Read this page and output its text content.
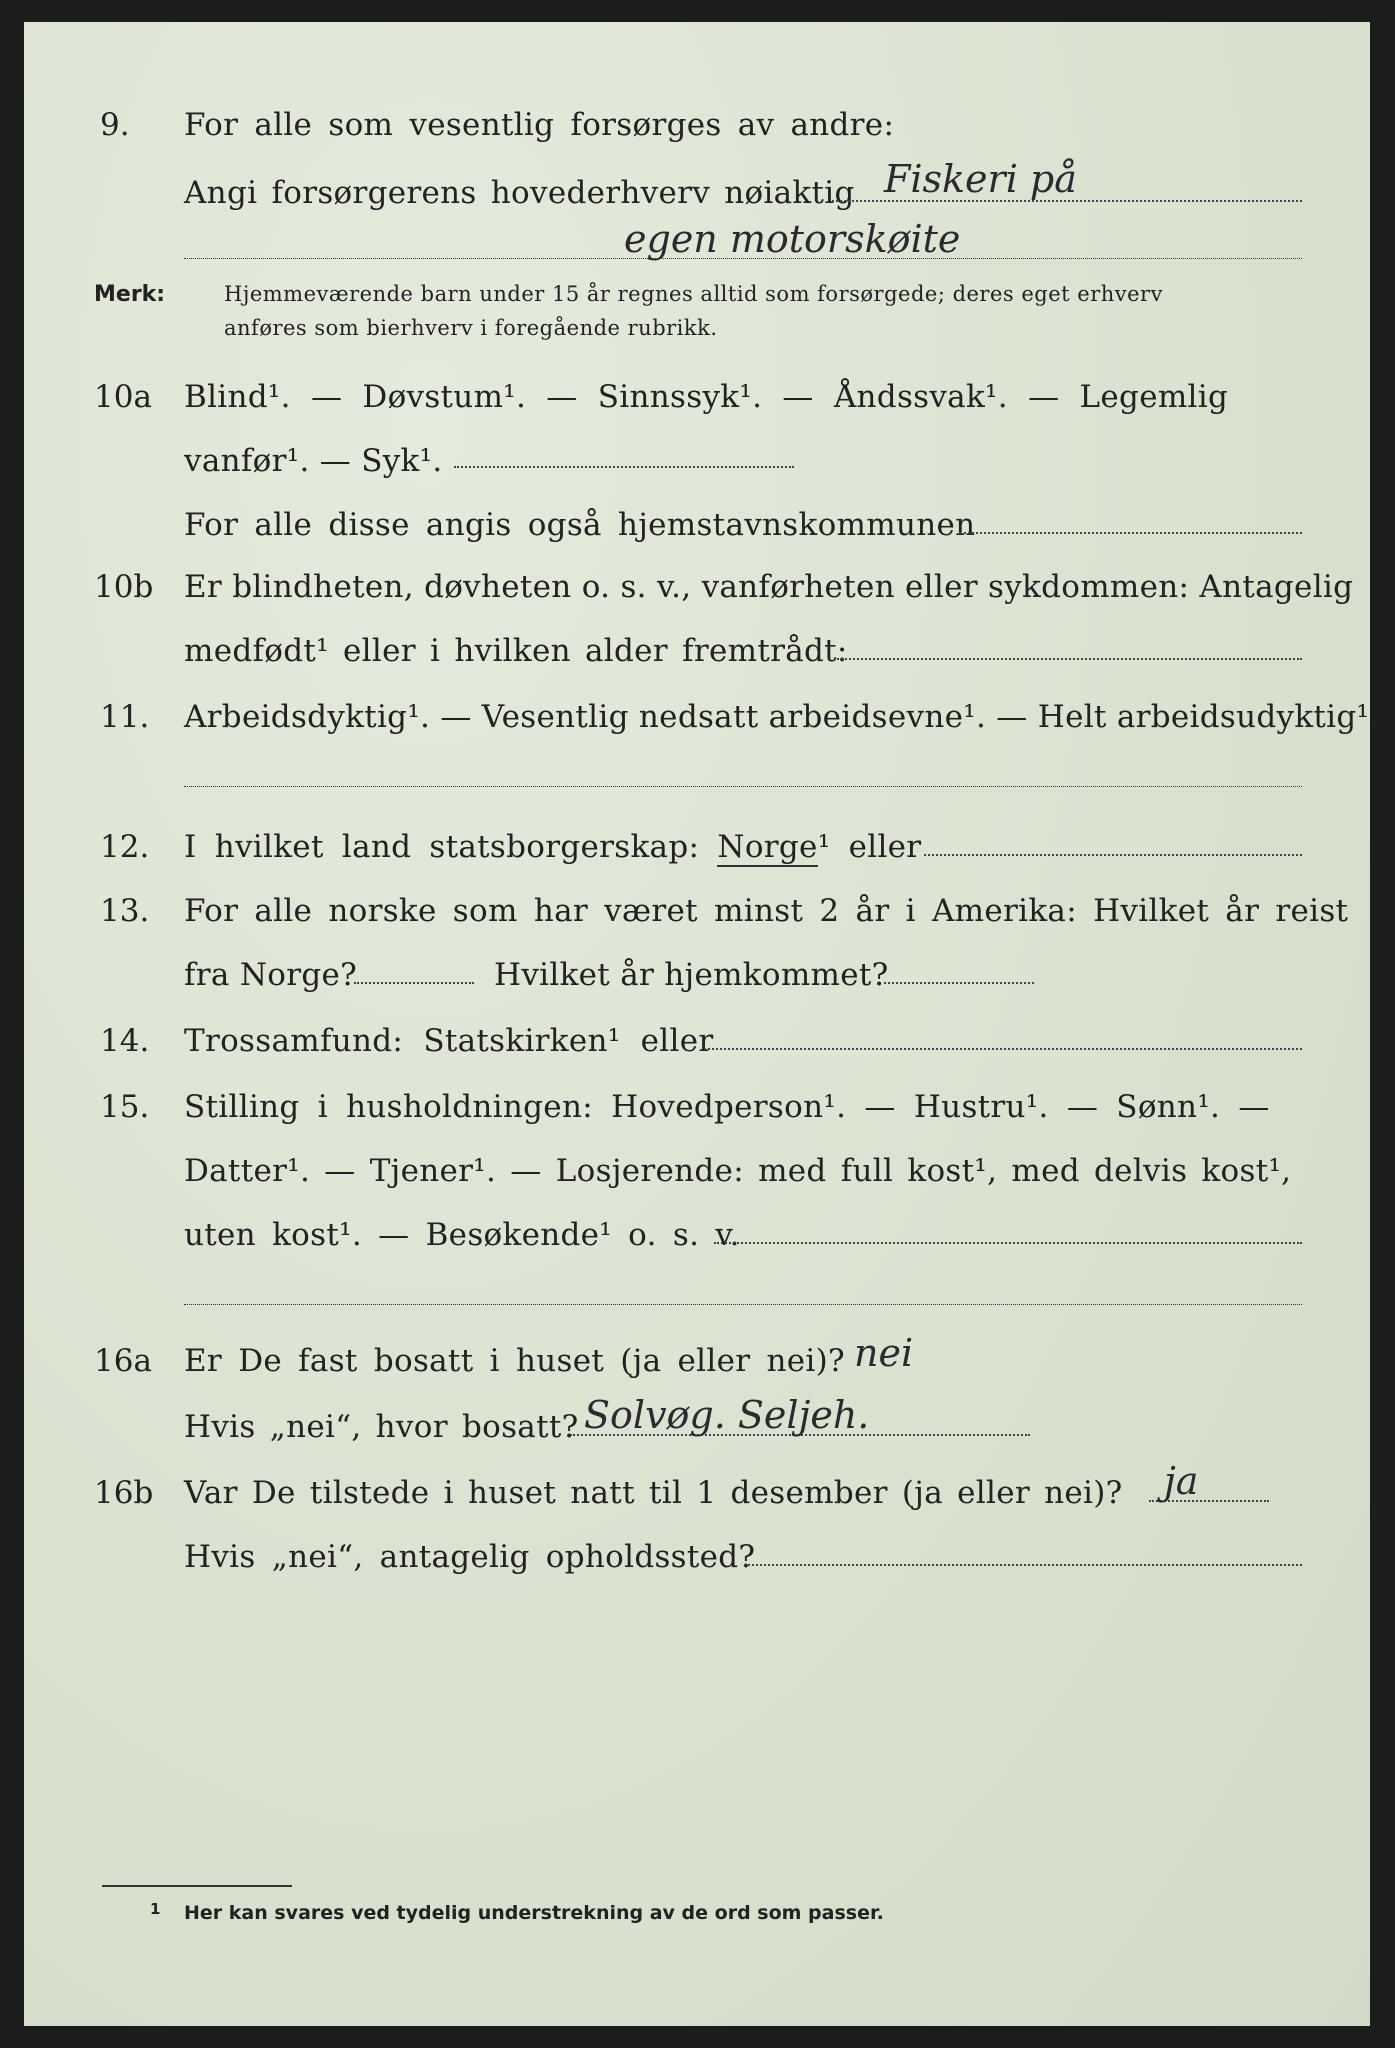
9. For alle som vesentlig forsørges av andre:
Angi forsørgerens hovederhverv nøiaktig Fiskeri på
egen motorskøite
Merk:	Hjemmeværende barn under 15 år regnes alltid som forsørgede; deres eget erhverv
anføres som bierhverv i foregående rubrikk.
10a Blind¹. — Døvstum¹. — Sinnssyk¹. — Åndssvak¹. — Legemlig
vanfør¹. — Syk¹.
For alle disse angis også hjemstavnskommunen
10b Er blindheten, døvheten o. s. v., vanførheten eller sykdommen: Antagelig
medfødt¹ eller i hvilken alder fremtrådt:
11. Arbeidsdyktig¹. — Vesentlig nedsatt arbeidsevne¹. — Helt arbeidsudyktig¹.
12. I hvilket land statsborgerskap: Norge¹ eller
13. For alle norske som har været minst 2 år i Amerika: Hvilket år reist
fra Norge?	Hvilket år hjemkommet?
14. Trossamfund: Statskirken¹ eller
15. Stilling i husholdningen: Hovedperson¹. — Hustru¹. — Sønn¹. —
Datter¹. — Tjener¹. — Losjerende: med full kost¹, med delvis kost¹,
uten kost¹. — Besøkende¹ o. s. v.
16a Er De fast bosatt i huset (ja eller nei)? nei
Hvis „nei“, hvor bosatt? Solvøg. Seljeh.
16b Var De tilstede i huset natt til 1 desember (ja eller nei)? ja
Hvis „nei“, antagelig opholdssted?
1 Her kan svares ved tydelig understrekning av de ord som passer.
